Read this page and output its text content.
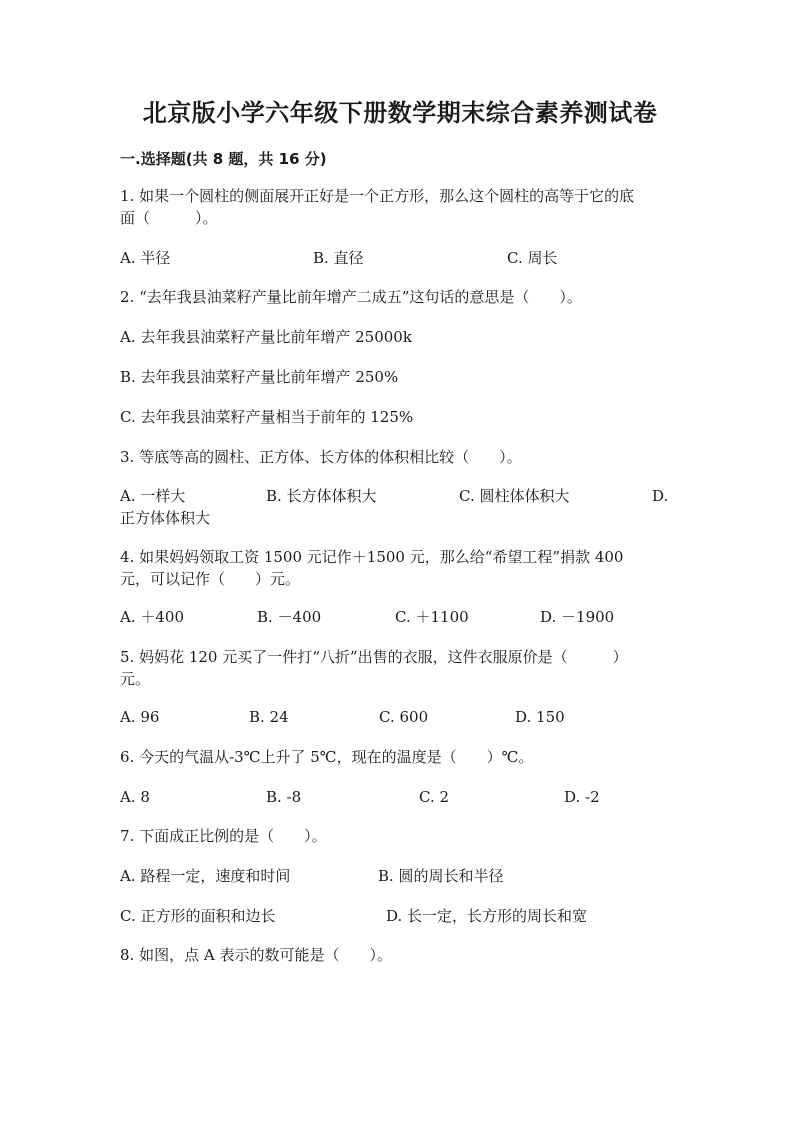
北京版小学六年级下册数学期末综合素养测试卷
一.选择题(共 8 题，共 16 分)
1. 如果一个圆柱的侧面展开正好是一个正方形，那么这个圆柱的高等于它的底
面（　　　）。
A. 半径	B. 直径	C. 周长
2. “去年我县油菜籽产量比前年增产二成五”这句话的意思是（　　）。
A. 去年我县油菜籽产量比前年增产 25000k
B. 去年我县油菜籽产量比前年增产 250%
C. 去年我县油菜籽产量相当于前年的 125%
3. 等底等高的圆柱、正方体、长方体的体积相比较（　　）。
A. 一样大	B. 长方体体积大	C. 圆柱体体积大	D.
正方体体积大
4. 如果妈妈领取工资 1500 元记作＋1500 元，那么给“希望工程”捐款 400
元，可以记作（　　）元。
A. ＋400	B. －400	C. ＋1100	D. －1900
5. 妈妈花 120 元买了一件打“八折”出售的衣服，这件衣服原价是（　　　）
元。
A. 96	B. 24	C. 600	D. 150
6. 今天的气温从-3℃上升了 5℃，现在的温度是（　　）℃。
A. 8	B. -8	C. 2	D. -2
7. 下面成正比例的是（　　）。
A. 路程一定，速度和时间	B. 圆的周长和半径
C. 正方形的面积和边长	D. 长一定，长方形的周长和宽
8. 如图，点 A 表示的数可能是（　　）。
